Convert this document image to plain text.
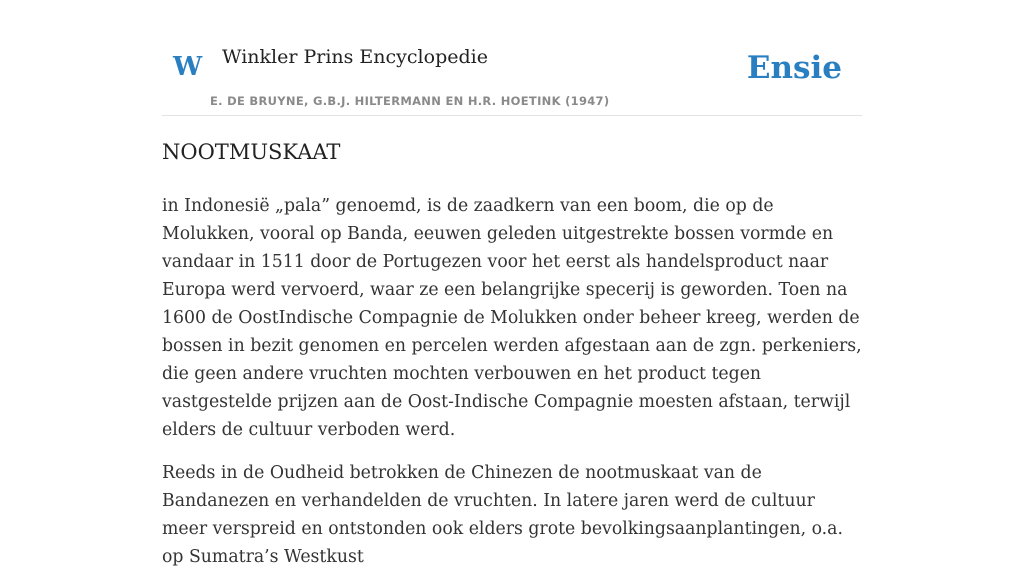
W Winkler Prins Encyclopedie
E. DE BRUYNE, G.B.J. HILTERMANN EN H.R. HOETINK (1947)
Ensie
NOOTMUSKAAT

in Indonesië „pala” genoemd, is de zaadkern van een boom, die op de Molukken, vooral op Banda, eeuwen geleden uitgestrekte bossen vormde en vandaar in 1511 door de Portugezen voor het eerst als handelsproduct naar Europa werd vervoerd, waar ze een belangrijke specerij is geworden. Toen na 1600 de OostIndische Compagnie de Molukken onder beheer kreeg, werden de bossen in bezit genomen en percelen werden afgestaan aan de zgn. perkeniers, die geen andere vruchten mochten verbouwen en het product tegen vastgestelde prijzen aan de Oost-Indische Compagnie moesten afstaan, terwijl elders de cultuur verboden werd.

Reeds in de Oudheid betrokken de Chinezen de nootmuskaat van de Bandanezen en verhandelden de vruchten. In latere jaren werd de cultuur meer verspreid en ontstonden ook elders grote bevolkingsaanplantingen, o.a. op Sumatra’s Westkust
